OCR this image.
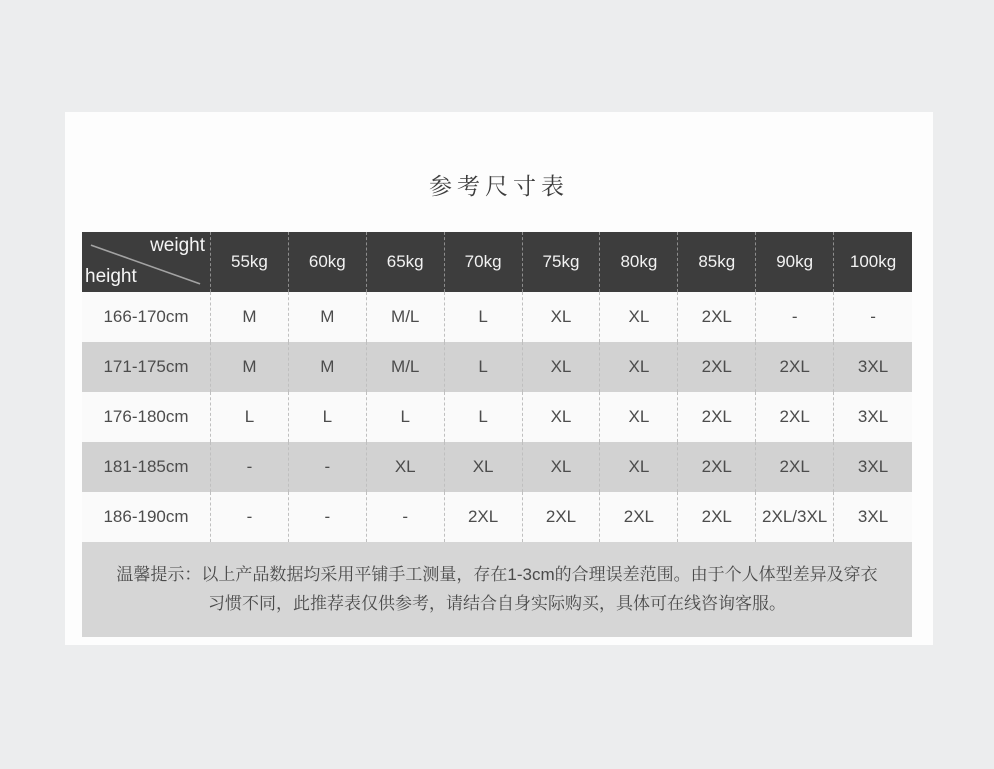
参考尺寸表
weight
height
55kg	60kg	65kg	70kg	75kg	80kg	85kg	90kg	100kg
166-170cm	M	M	M/L	L	XL	XL	2XL	-	-
171-175cm	M	M	M/L	L	XL	XL	2XL	2XL	3XL
176-180cm	L	L	L	L	XL	XL	2XL	2XL	3XL
181-185cm	-	-	XL	XL	XL	XL	2XL	2XL	3XL
186-190cm	-	-	-	2XL	2XL	2XL	2XL	2XL/3XL	3XL
温馨提示：以上产品数据均采用平铺手工测量，存在1-3cm的合理误差范围。由于个人体型差异及穿衣
习惯不同，此推荐表仅供参考，请结合自身实际购买，具体可在线咨询客服。
